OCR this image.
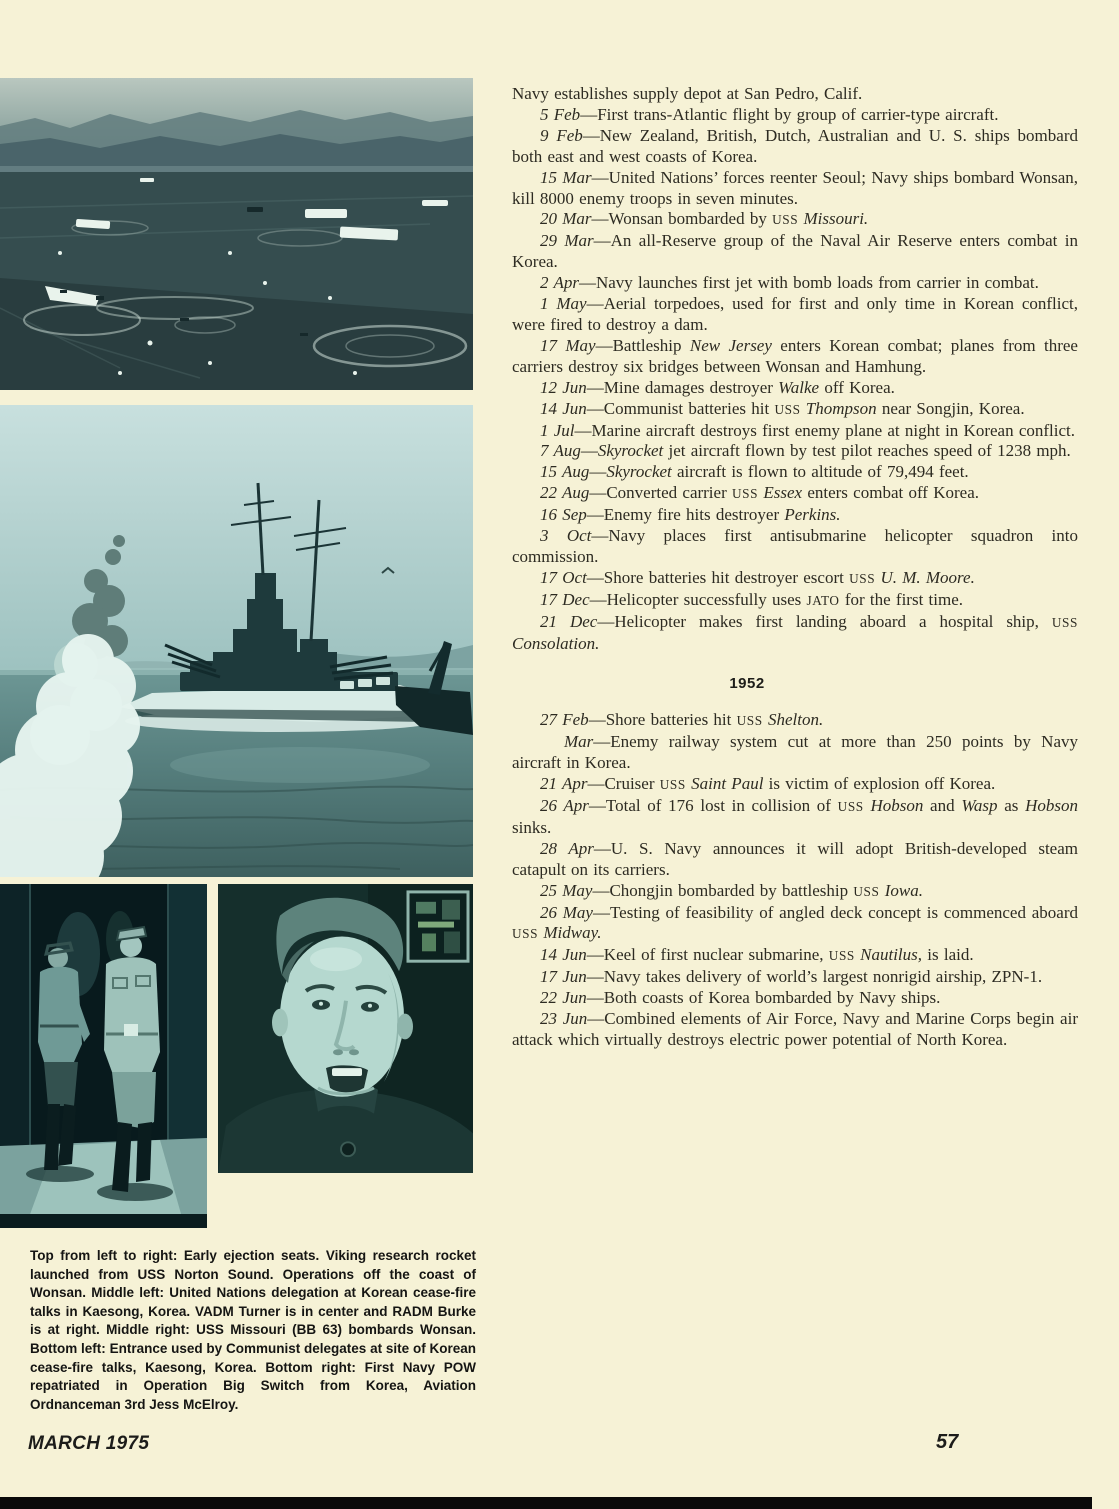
Top from left to right: Early ejection seats. Viking research rocket launched from USS Norton Sound. Operations off the coast of Wonsan. Middle left: United Nations delegation at Korean cease-fire talks in Kaesong, Korea. VADM Turner is in center and RADM Burke is at right. Middle right: USS Missouri (BB 63) bombards Wonsan. Bottom left: Entrance used by Communist delegates at site of Korean cease-fire talks, Kaesong, Korea. Bottom right: First Navy POW repatriated in Operation Big Switch from Korea, Aviation Ordnanceman 3rd Jess McElroy.

Navy establishes supply depot at San Pedro, Calif.

5 Feb—First trans-Atlantic flight by group of carrier-type aircraft.

9 Feb—New Zealand, British, Dutch, Australian and U. S. ships bombard both east and west coasts of Korea.

15 Mar—United Nations’ forces reenter Seoul; Navy ships bombard Wonsan, kill 8000 enemy troops in seven minutes.

20 Mar—Wonsan bombarded by USS Missouri.

29 Mar—An all-Reserve group of the Naval Air Reserve enters combat in Korea.

2 Apr—Navy launches first jet with bomb loads from carrier in combat.

1 May—Aerial torpedoes, used for first and only time in Korean conflict, were fired to destroy a dam.

17 May—Battleship New Jersey enters Korean combat; planes from three carriers destroy six bridges between Wonsan and Hamhung.

12 Jun—Mine damages destroyer Walke off Korea.

14 Jun—Communist batteries hit USS Thompson near Songjin, Korea.

1 Jul—Marine aircraft destroys first enemy plane at night in Korean conflict.

7 Aug—Skyrocket jet aircraft flown by test pilot reaches speed of 1238 mph.

15 Aug—Skyrocket aircraft is flown to altitude of 79,494 feet.

22 Aug—Converted carrier USS Essex enters combat off Korea.

16 Sep—Enemy fire hits destroyer Perkins.

3 Oct—Navy places first antisubmarine helicopter squadron into commission.

17 Oct—Shore batteries hit destroyer escort USS U. M. Moore.

17 Dec—Helicopter successfully uses JATO for the first time.

21 Dec—Helicopter makes first landing aboard a hospital ship, USS Consolation.

1952

27 Feb—Shore batteries hit USS Shelton.

Mar—Enemy railway system cut at more than 250 points by Navy aircraft in Korea.

21 Apr—Cruiser USS Saint Paul is victim of explosion off Korea.

26 Apr—Total of 176 lost in collision of USS Hobson and Wasp as Hobson sinks.

28 Apr—U. S. Navy announces it will adopt British-developed steam catapult on its carriers.

25 May—Chongjin bombarded by battleship USS Iowa.

26 May—Testing of feasibility of angled deck concept is commenced aboard USS Midway.

14 Jun—Keel of first nuclear submarine, USS Nautilus, is laid.

17 Jun—Navy takes delivery of world’s largest nonrigid airship, ZPN-1.

22 Jun—Both coasts of Korea bombarded by Navy ships.

23 Jun—Combined elements of Air Force, Navy and Marine Corps begin air attack which virtually destroys electric power potential of North Korea.

MARCH 1975	57
